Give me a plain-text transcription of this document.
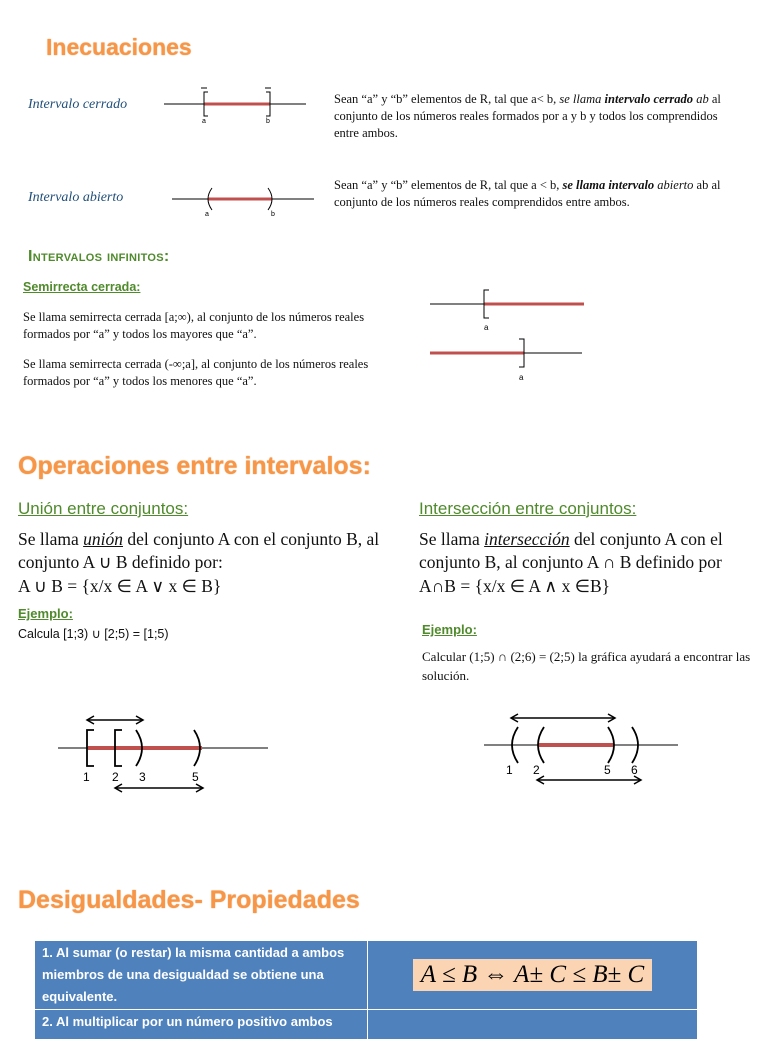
Inecuaciones
Intervalo cerrado
a	b
Sean “a” y “b” elementos de R, tal que a< b, se llama intervalo cerrado ab al conjunto de los números reales formados por a y b y todos los comprendidos entre ambos.
Intervalo abierto
a	b
Sean “a” y “b” elementos de R, tal que a < b, se llama intervalo abierto ab al conjunto de los números reales comprendidos entre ambos.
Intervalos infinitos:
Semirrecta cerrada:
Se llama semirrecta cerrada [a;∞), al conjunto de los números reales formados por “a” y todos los mayores que “a”.
Se llama semirrecta cerrada (-∞;a], al conjunto de los números reales formados por “a” y todos los menores que “a”.
a
a
Operaciones entre intervalos:
Unión entre conjuntos:
Se llama unión del conjunto A con el conjunto B, al conjunto A ∪ B definido por:
A ∪ B = {x/x ∈ A ∨ x ∈ B}
Ejemplo:
Calcula [1;3) ∪ [2;5) = [1;5)
1 2 3	5
Intersección entre conjuntos:
Se llama intersección del conjunto A con el conjunto B, al conjunto A ∩ B definido por
A∩B = {x/x ∈ A ∧ x ∈B}
Ejemplo:
Calcular (1;5) ∩ (2;6) = (2;5) la gráfica ayudará a encontrar las solución.
1 2	5 6
Desigualdades- Propiedades
1. Al sumar (o restar) la misma cantidad a ambos miembros de una desigualdad se obtiene una equivalente.	A ≤ B ⇔ A± C ≤ B± C

2. Al multiplicar por un número positivo ambos	
